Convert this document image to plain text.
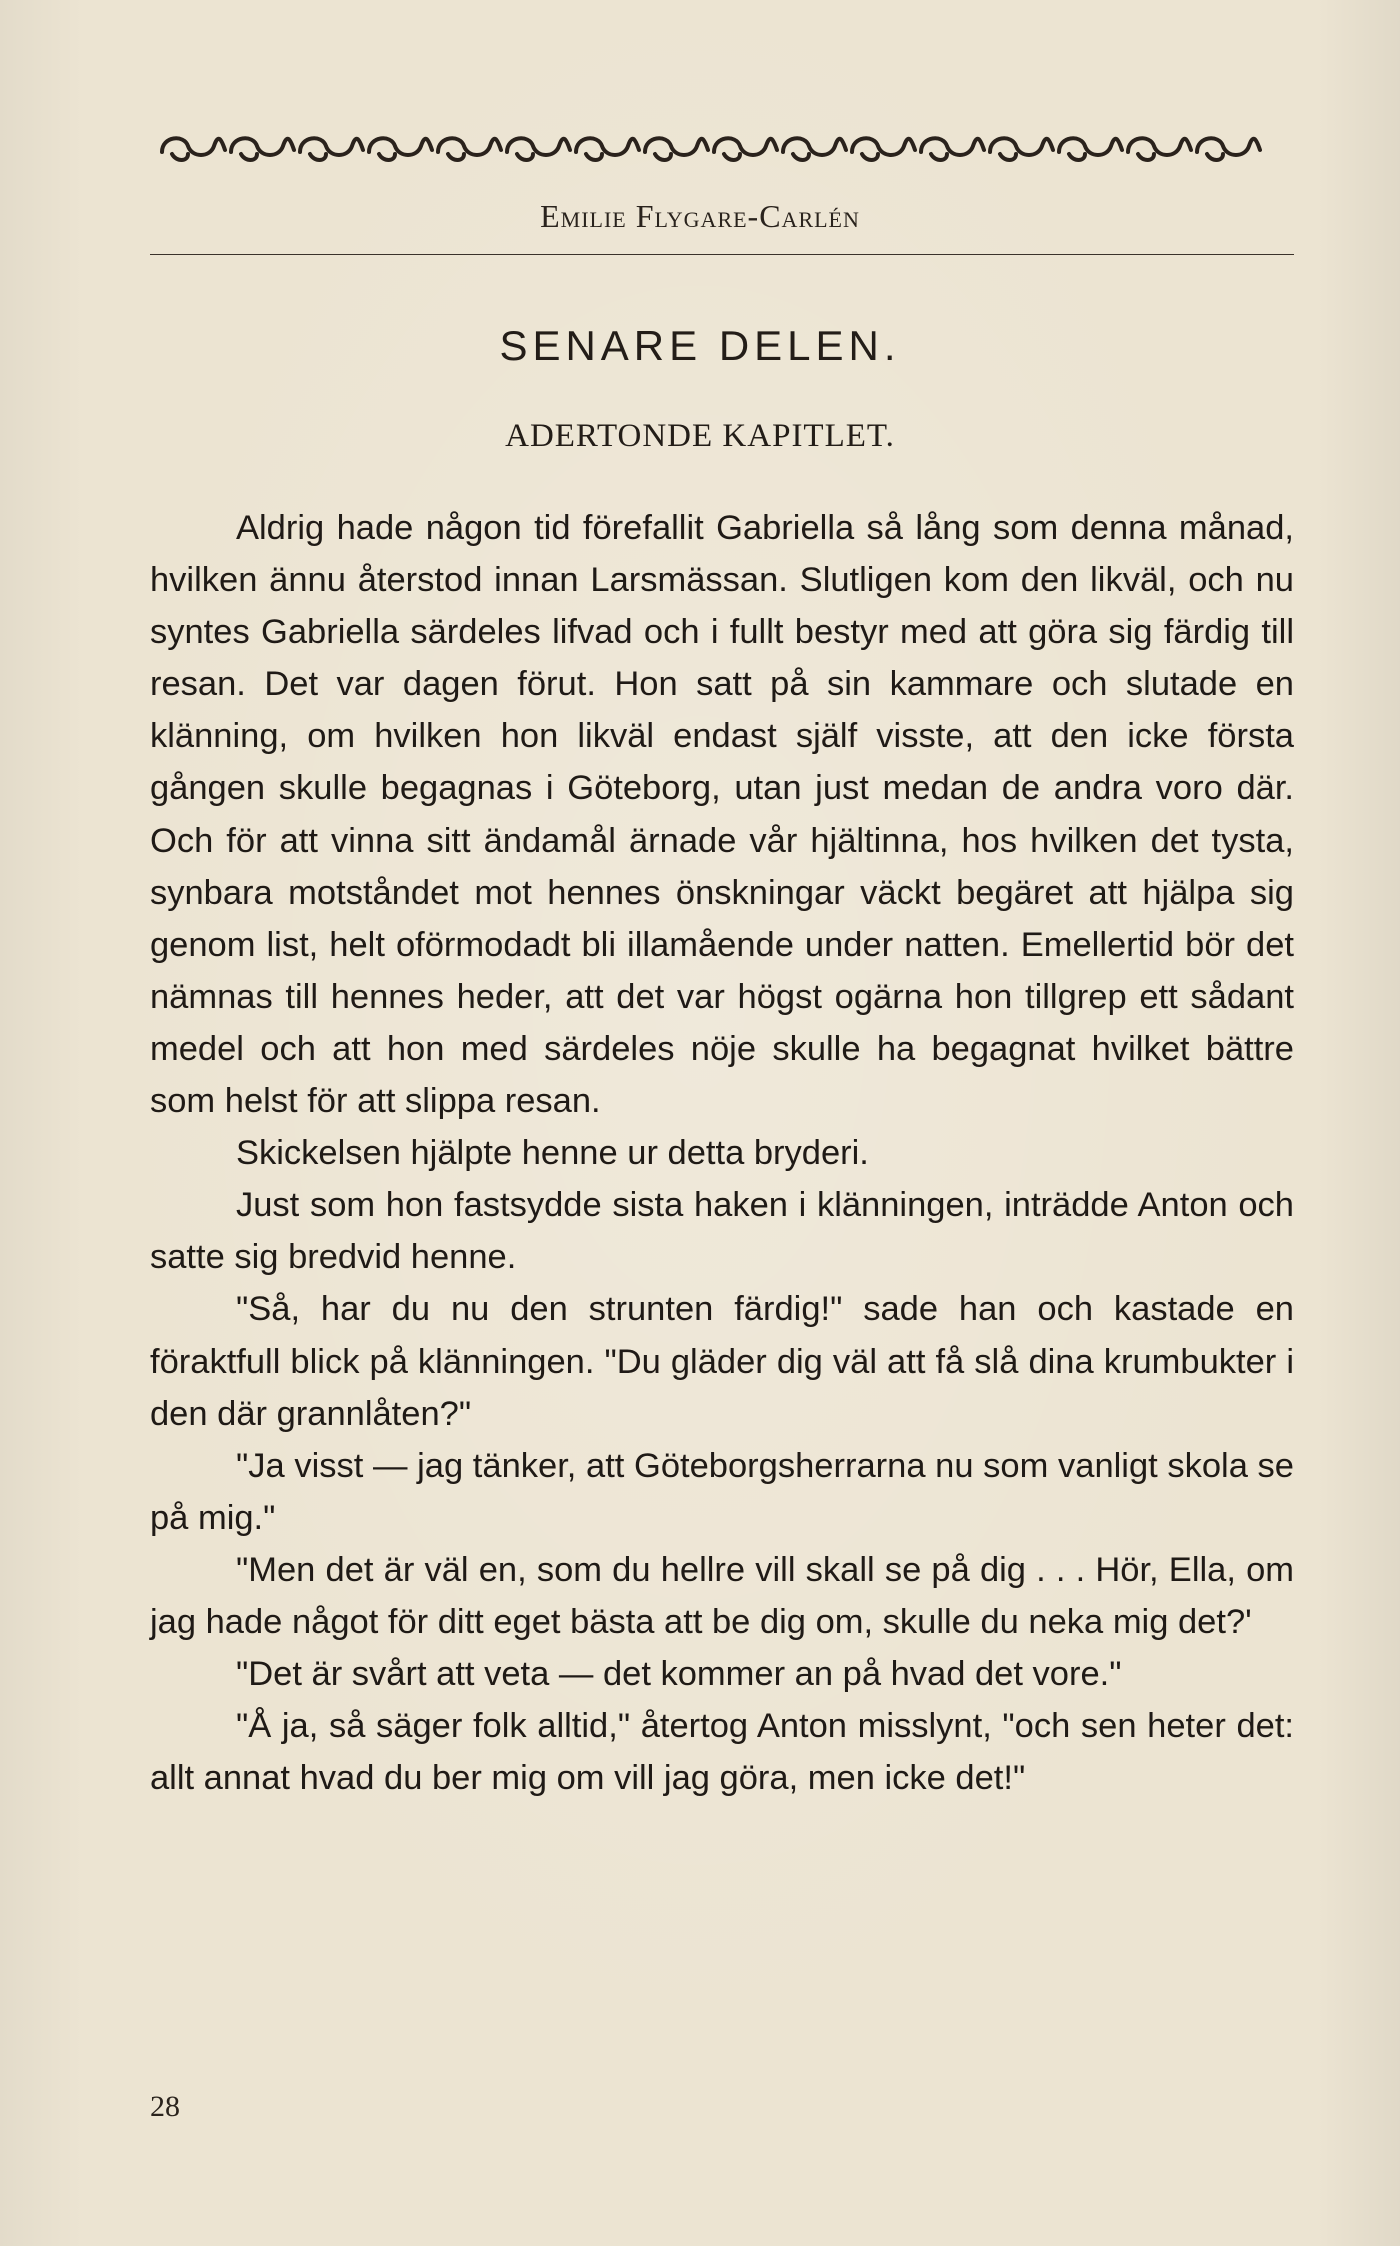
Emilie Flygare-Carlén
SENARE DELEN.
ADERTONDE KAPITLET.

Aldrig hade någon tid förefallit Gabriella så lång som denna månad, hvilken ännu återstod innan Larsmässan. Slutligen kom den likväl, och nu syntes Gabriella särdeles lifvad och i fullt bestyr med att göra sig färdig till resan. Det var dagen förut. Hon satt på sin kammare och slutade en klänning, om hvilken hon likväl endast själf visste, att den icke första gången skulle begagnas i Göteborg, utan just medan de andra voro där. Och för att vinna sitt ändamål ärnade vår hjältinna, hos hvilken det tysta, synbara motståndet mot hennes önskningar väckt begäret att hjälpa sig genom list, helt oförmodadt bli illamående under natten. Emellertid bör det nämnas till hennes heder, att det var högst ogärna hon tillgrep ett sådant medel och att hon med särdeles nöje skulle ha begagnat hvilket bättre som helst för att slippa resan.

Skickelsen hjälpte henne ur detta bryderi.

Just som hon fastsydde sista haken i klänningen, inträdde Anton och satte sig bredvid henne.

"Så, har du nu den strunten färdig!" sade han och kastade en föraktfull blick på klänningen. "Du gläder dig väl att få slå dina krumbukter i den där grannlåten?"

"Ja visst — jag tänker, att Göteborgsherrarna nu som vanligt skola se på mig."

"Men det är väl en, som du hellre vill skall se på dig . . . Hör, Ella, om jag hade något för ditt eget bästa att be dig om, skulle du neka mig det?'

"Det är svårt att veta — det kommer an på hvad det vore."

"Å ja, så säger folk alltid," återtog Anton misslynt, "och sen heter det: allt annat hvad du ber mig om vill jag göra, men icke det!"

28
